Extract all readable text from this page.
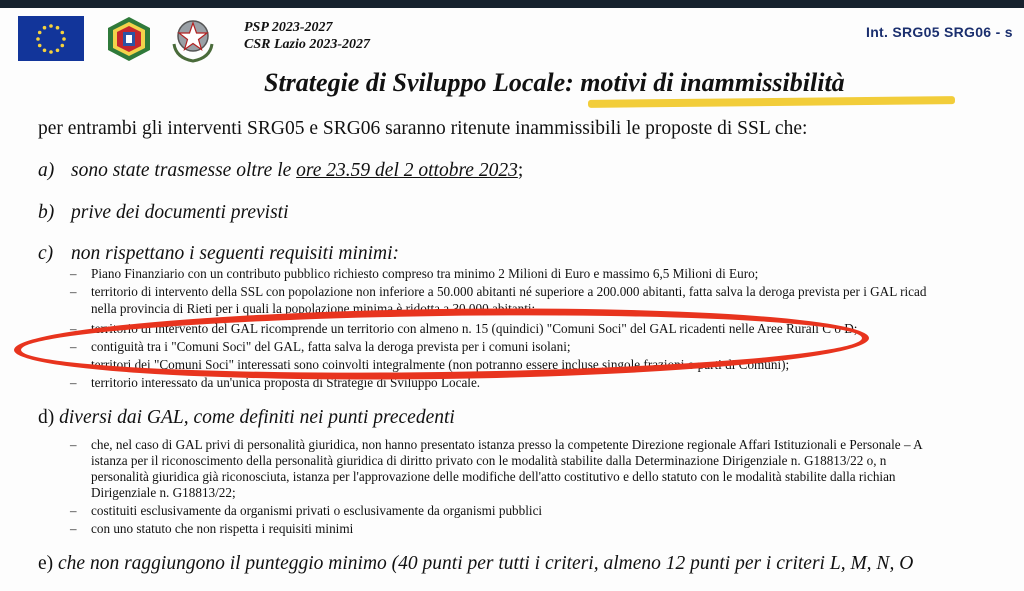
PSP 2023-2027
CSR Lazio 2023-2027
Int. SRG05 SRG06 - s
Strategie di Sviluppo Locale: motivi di inammissibilità
per entrambi gli interventi SRG05 e SRG06 saranno ritenute inammissibili le proposte di SSL che:
a) sono state trasmesse oltre le ore 23.59 del 2 ottobre 2023;
b) prive dei documenti previsti
c) non rispettano i seguenti requisiti minimi:
– Piano Finanziario con un contributo pubblico richiesto compreso tra minimo 2 Milioni di Euro e massimo 6,5 Milioni di Euro;
– territorio di intervento della SSL con popolazione non inferiore a 50.000 abitanti né superiore a 200.000 abitanti, fatta salva la deroga prevista per i GAL ricad
nella provincia di Rieti per i quali la popolazione minima è ridotta a 30.000 abitanti;
– territorio di intervento del GAL ricomprende un territorio con almeno n. 15 (quindici) "Comuni Soci" del GAL ricadenti nelle Aree Rurali C o D;
– contiguità tra i "Comuni Soci" del GAL, fatta salva la deroga prevista per i comuni isolani;
– territori dei "Comuni Soci" interessati sono coinvolti integralmente (non potranno essere incluse singole frazioni o parti di Comuni);
– territorio interessato da un'unica proposta di Strategie di Sviluppo Locale.
d) diversi dai GAL, come definiti nei punti precedenti
– che, nel caso di GAL privi di personalità giuridica, non hanno presentato istanza presso la competente Direzione regionale Affari Istituzionali e Personale – A
istanza per il riconoscimento della personalità giuridica di diritto privato con le modalità stabilite dalla Determinazione Dirigenziale n. G18813/22 o, n
personalità giuridica già riconosciuta, istanza per l'approvazione delle modifiche dell'atto costitutivo e dello statuto con le modalità stabilite dalla richian
Dirigenziale n. G18813/22;
– costituiti esclusivamente da organismi privati o esclusivamente da organismi pubblici
– con uno statuto che non rispetta i requisiti minimi
e) che non raggiungono il punteggio minimo (40 punti per tutti i criteri, almeno 12 punti per i criteri L, M, N, O
